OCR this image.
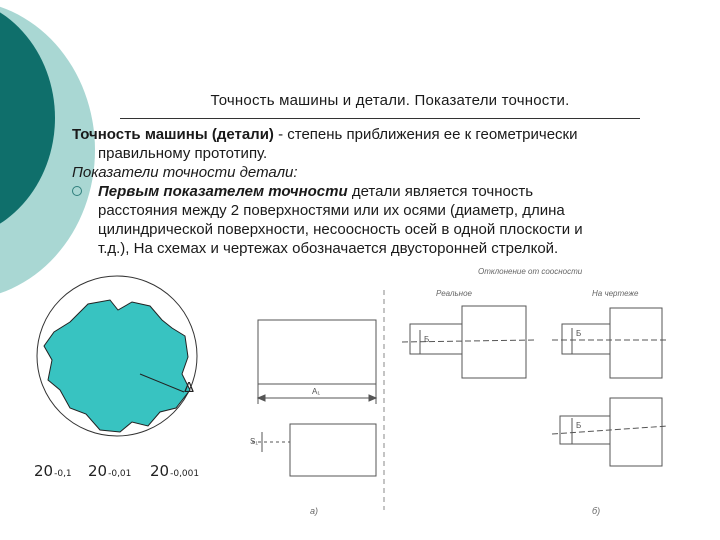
Точность машины и детали. Показатели точности.

Точность машины (детали) - степень приближения ее к геометрически

правильному прототипу.

Показатели точности детали:

Первым показателем точности детали является точность

расстояния между 2 поверхностями или их осями (диаметр, длина

цилиндрической поверхности, несоосность осей в одной плоскости и

т.д.), На схемах и чертежах обозначается двусторонней стрелкой.

Δ
20-0,1 20-0,01 20-0,001
Отклонение от соосности
Реальное	На чертеже
A₁
S₁
а)
Б
Б
Б
б)
